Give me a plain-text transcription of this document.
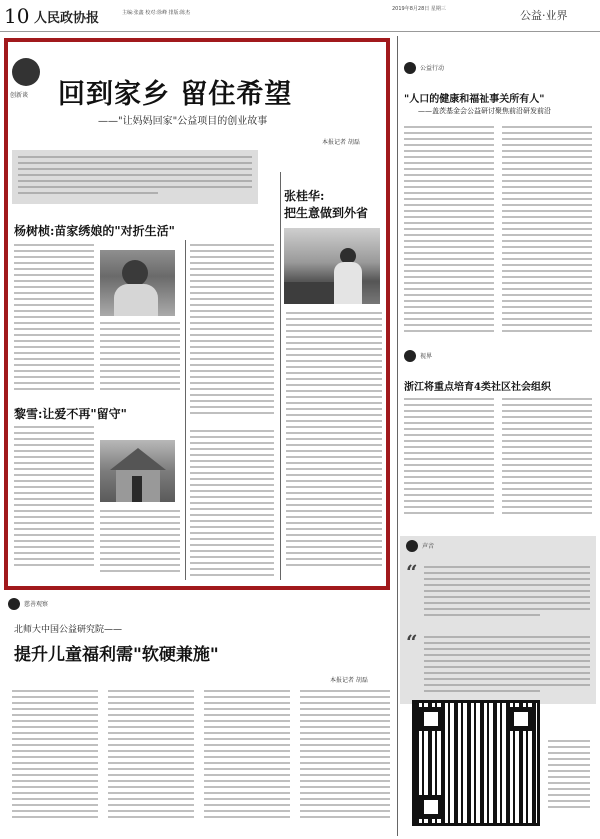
10 人民政协报	主编:张鑫 校对:徐峰 排版:陈杰
2019年8月28日 星期三	公益·业界
创新谈 回到家乡 留住希望
——"让妈妈回家"公益项目的创业故事
本报记者 胡磊
张桂华:
把生意做到外省
杨树桢:苗家绣娘的"对折生活"
黎雪:让爱不再"留守"
公益行动
"人口的健康和福祉事关所有人"
——盖茨基金会公益研讨聚焦前沿研发前沿
视界
浙江将重点培育4类社区社会组织
声音
“
“
慈善观察
北师大中国公益研究院——
提升儿童福利需"软硬兼施"
本报记者 胡磊
